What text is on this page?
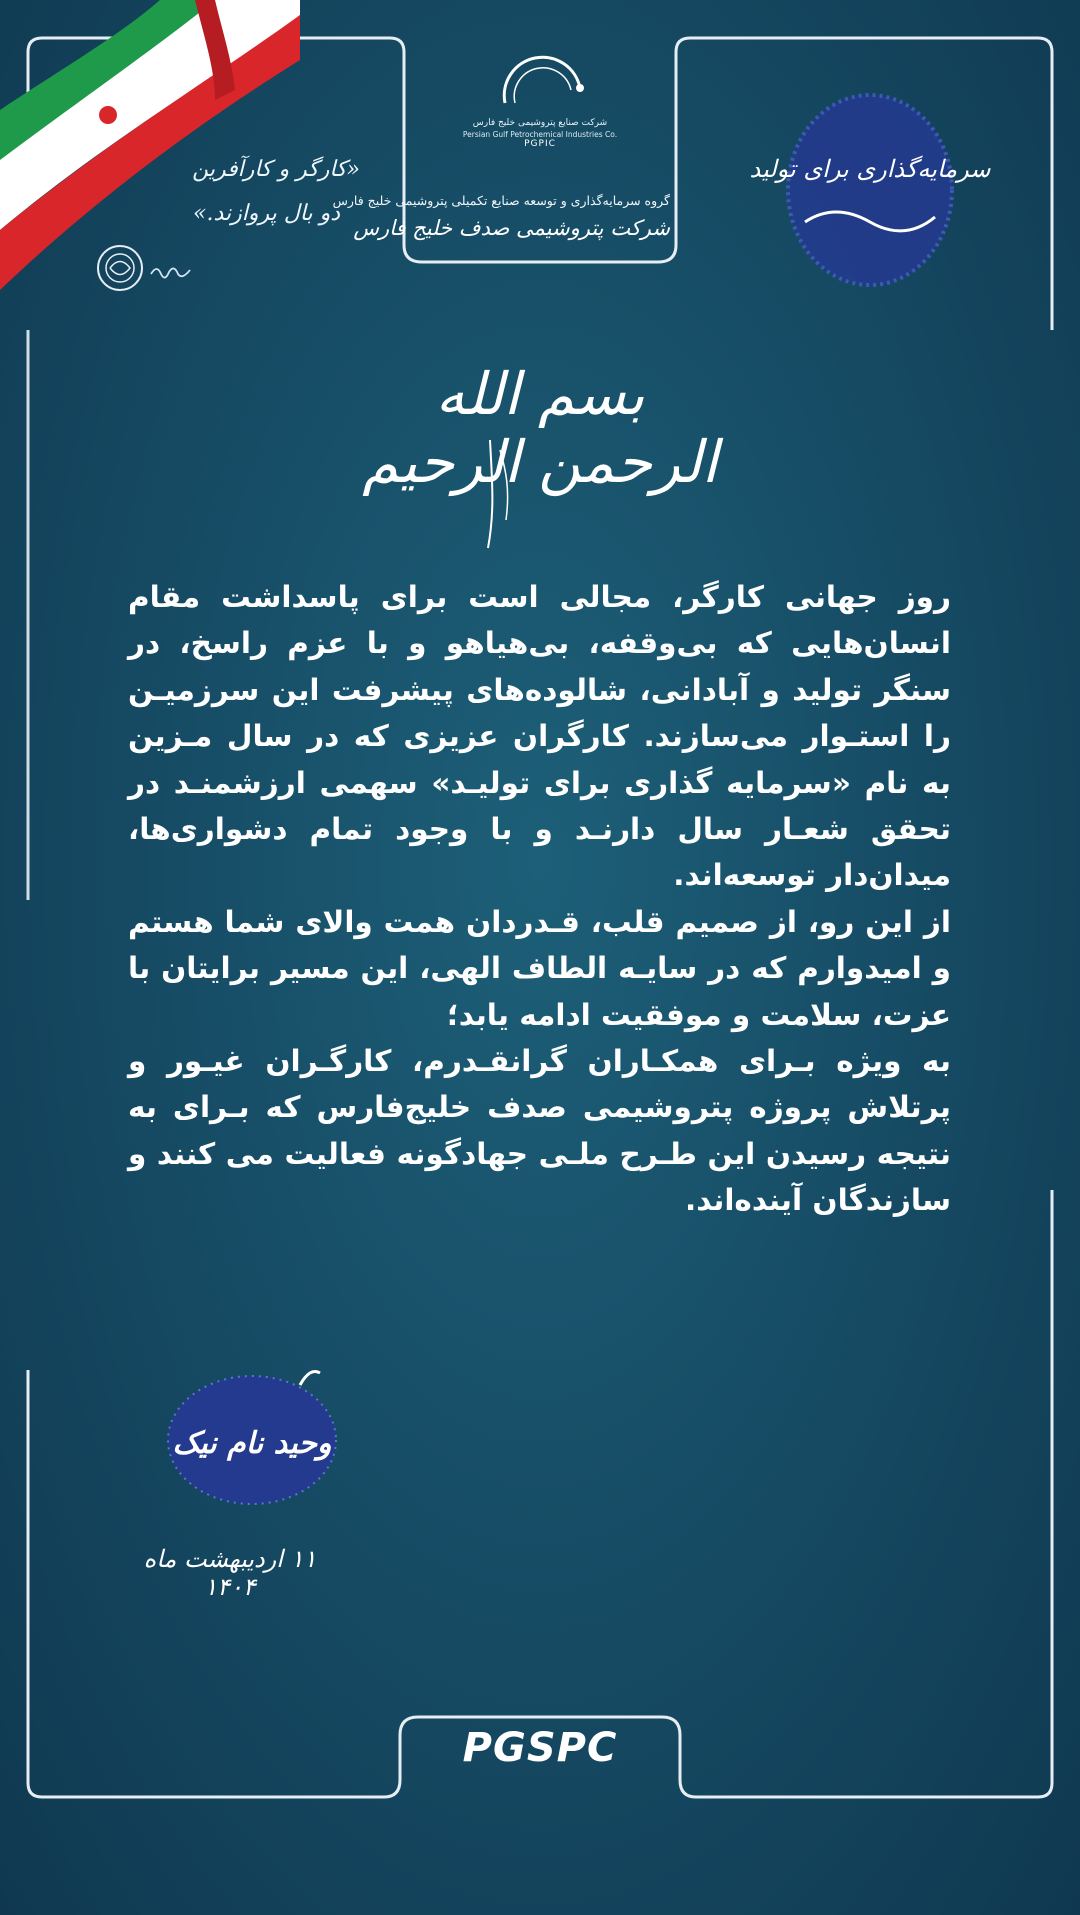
«کارگر و کارآفرین
دو بال پروازند.»
شرکت صنایع پتروشیمی خلیج فارس
Persian Gulf Petrochemical Industries Co.
PGPIC
گروه سرمایه‌گذاری و توسعه صنایع تکمیلی پتروشیمی خلیج فارس
شرکت پتروشیمی صدف خلیج فارس
سرمایه‌گذاری برای تولید
بسم الله الرحمن الرحیم

روز جهانی کارگر، مجالی است برای پاسداشت مقام انسان‌هایی که بی‌وقفه، بی‌هیاهو و با عزم راسخ، در سنگر تولید و آبادانی، شالوده‌های پیشرفت این سرزمیـن را استـوار می‌سازند. کارگران عزیزی که در سال مـزین به نام «سرمایه گذاری برای تولیـد» سهمی ارزشمنـد در تحقق شعـار سال دارنـد و با وجود تمام دشواری‌ها، میدان‌دار توسعه‌اند.

از این رو، از صمیم قلب، قـدردان همت والای شما هستم و امیدوارم که در سایـه الطاف الهی، این مسیر برایتان با عزت، سلامت و موفقیت ادامه یابد؛

به ویژه بـرای همکـاران گرانقـدرم، کارگـران غیـور و پرتلاش پروژه پتروشیمی صدف خلیج‌فارس که بـرای به نتیجه رسیدن این طـرح ملـی جهادگونه فعالیت می کنند و سازندگان آینده‌اند.

وحید نام نیک
۱۱ اردیبهشت ماه ۱۴۰۴
PGSPC
